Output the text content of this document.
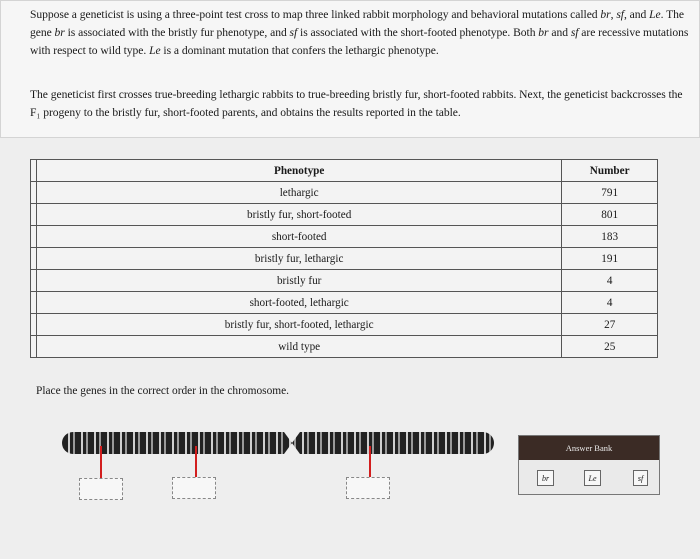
Suppose a geneticist is using a three-point test cross to map three linked rabbit morphology and behavioral mutations called br, sf, and Le. The gene br is associated with the bristly fur phenotype, and sf is associated with the short-footed phenotype. Both br and sf are recessive mutations with respect to wild type. Le is a dominant mutation that confers the lethargic phenotype.

The geneticist first crosses true-breeding lethargic rabbits to true-breeding bristly fur, short-footed rabbits. Next, the geneticist backcrosses the F₁ progeny to the bristly fur, short-footed parents, and obtains the results reported in the table.

	Phenotype	Number
	lethargic	791
	bristly fur, short-footed	801
	short-footed	183
	bristly fur, lethargic	191
	bristly fur	4
	short-footed, lethargic	4
	bristly fur, short-footed, lethargic	27
	wild type	25

Place the genes in the correct order in the chromosome.

Answer Bank
br	Le	sf
